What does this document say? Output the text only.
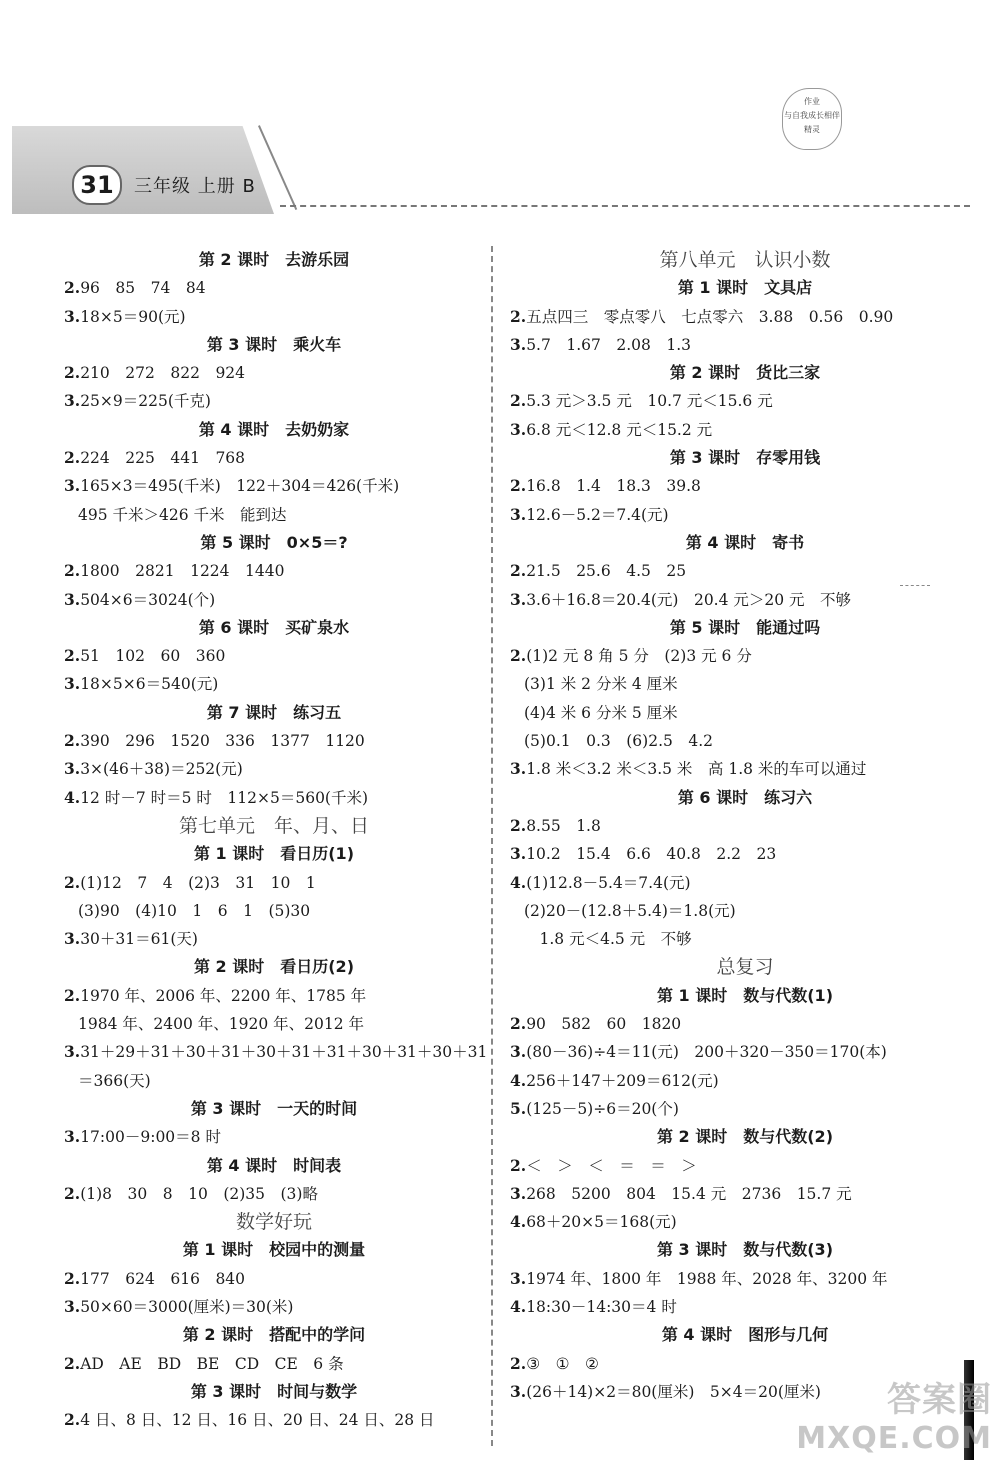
31	三年级 上册 B
作业
与自我成长相伴
精灵
第 2 课时　去游乐园
2.96　85　74　84
3.18×5＝90(元)
第 3 课时　乘火车
2.210　272　822　924
3.25×9＝225(千克)
第 4 课时　去奶奶家
2.224　225　441　768
3.165×3＝495(千米)　122＋304＝426(千米)
495 千米＞426 千米　能到达
第 5 课时　0×5＝?
2.1800　2821　1224　1440
3.504×6＝3024(个)
第 6 课时　买矿泉水
2.51　102　60　360
3.18×5×6＝540(元)
第 7 课时　练习五
2.390　296　1520　336　1377　1120
3.3×(46＋38)＝252(元)
4.12 时－7 时＝5 时　112×5＝560(千米)
第七单元　年、月、日
第 1 课时　看日历(1)
2.(1)12　7　4　(2)3　31　10　1
(3)90　(4)10　1　6　1　(5)30
3.30＋31＝61(天)
第 2 课时　看日历(2)
2.1970 年、2006 年、2200 年、1785 年
1984 年、2400 年、1920 年、2012 年
3.31＋29＋31＋30＋31＋30＋31＋31＋30＋31＋30＋31
＝366(天)
第 3 课时　一天的时间
3.17:00－9:00＝8 时
第 4 课时　时间表
2.(1)8　30　8　10　(2)35　(3)略
数学好玩
第 1 课时　校园中的测量
2.177　624　616　840
3.50×60＝3000(厘米)＝30(米)
第 2 课时　搭配中的学问
2.AD　AE　BD　BE　CD　CE　6 条
第 3 课时　时间与数学
2.4 日、8 日、12 日、16 日、20 日、24 日、28 日
第八单元　认识小数
第 1 课时　文具店
2.五点四三　零点零八　七点零六　3.88　0.56　0.90
3.5.7　1.67　2.08　1.3
第 2 课时　货比三家
2.5.3 元＞3.5 元　10.7 元＜15.6 元
3.6.8 元＜12.8 元＜15.2 元
第 3 课时　存零用钱
2.16.8　1.4　18.3　39.8
3.12.6－5.2＝7.4(元)
第 4 课时　寄书
2.21.5　25.6　4.5　25
3.3.6＋16.8＝20.4(元)　20.4 元＞20 元　不够
第 5 课时　能通过吗
2.(1)2 元 8 角 5 分　(2)3 元 6 分
(3)1 米 2 分米 4 厘米
(4)4 米 6 分米 5 厘米
(5)0.1　0.3　(6)2.5　4.2
3.1.8 米＜3.2 米＜3.5 米　高 1.8 米的车可以通过
第 6 课时　练习六
2.8.55　1.8
3.10.2　15.4　6.6　40.8　2.2　23
4.(1)12.8－5.4＝7.4(元)
(2)20－(12.8＋5.4)＝1.8(元)
　1.8 元＜4.5 元　不够
总复习
第 1 课时　数与代数(1)
2.90　582　60　1820
3.(80－36)÷4＝11(元)　200＋320－350＝170(本)
4.256＋147＋209＝612(元)
5.(125－5)÷6＝20(个)
第 2 课时　数与代数(2)
2.＜　＞　＜　＝　＝　＞
3.268　5200　804　15.4 元　2736　15.7 元
4.68＋20×5＝168(元)
第 3 课时　数与代数(3)
3.1974 年、1800 年　1988 年、2028 年、3200 年
4.18:30－14:30＝4 时
第 4 课时　图形与几何
2.③　①　②
3.(26＋14)×2＝80(厘米)　5×4＝20(厘米)	答案圈
MXQE.COM
